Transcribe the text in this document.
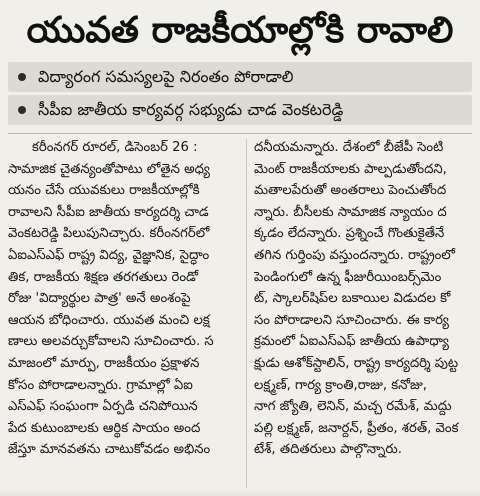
యువత రాజకీయాల్లోకి రావాలి
విద్యారంగ సమస్యలపై నిరంతం పోరాడాలి
సీపీఐ జాతీయ కార్యవర్గ సభ్యుడు చాడ వెంకటరెడ్డి
కరీంనగర్ రూరల్, డిసెంబర్ 26 :
సామాజిక చైతన్యంతోపాటు లోతైన అధ్య
యనం చేసే యువకులు రాజకీయాల్లోకి
రావాలని సీపీఐ జాతీయ కార్యదర్శి చాడ
వెంకటరెడ్డి పిలుపునిచ్చారు. కరీంనగర్‌లో
ఏఐఎస్‌ఎఫ్ రాష్ట్ర విద్య, వైజ్ఞానిక, సైద్ధాం
తిక, రాజకీయ శిక్షణ తరగతులు రెండో
రోజు 'విద్యార్థుల పాత్ర' అనే అంశంపై
ఆయన బోధించారు. యువత మంచి లక్ష
ణాలు అలవర్చుకోవాలని సూచించారు. స
మాజంలో మార్పు, రాజకీయం ప్రక్షాళన
కోసం పోరాడాలన్నారు. గ్రామాల్లో ఏఐ
ఎస్‌ఎఫ్ సంఘంగా ఏర్పడి చనిపోయిన
పేద కుటుంబాలకు ఆర్థిక సాయం అంద
జేస్తూ మానవతను చాటుకోవడం అభినం
దనీయమన్నారు. దేశంలో బీజేపీ సెంటి
మెంట్ రాజకీయాలకు పాల్పడుతోందని,
మతాలపేరుతో అంతరాలు పెంచుతోంద
న్నారు. బీసీలకు సామాజిక న్యాయం ద
క్కడం లేదన్నారు. ప్రశ్నించే గొంతుకైతేనే
తగిన గుర్తింపు వస్తుందన్నారు. రాష్ట్రంలో
పెండింగులో ఉన్న ఫీజురీయింబర్స్‌మెం
ట్, స్కాలర్‌షిప్‌ల బకాయిల విడుదల కో
సం పోరాడాలని సూచించారు. ఈ కార్య
క్రమంలో ఏఐఎస్‌ఎఫ్ జాతీయ ఉపాధ్యా
క్షుడు ఆశోక్‌స్టాలిన్, రాష్ట్ర కార్యదర్శి పుట్ట
లక్ష్మణ్, గార్య క్రాంతి,రాజు, కనోజు,
నాగ జ్యోతి, లెనిన్, మచ్చ రమేశ్, మద్దు
పల్లి లక్ష్మణ్, జనార్దన్, ప్రీతం, శరత్, వెంక
టేశ్, తదితరులు పాల్గొన్నారు.
